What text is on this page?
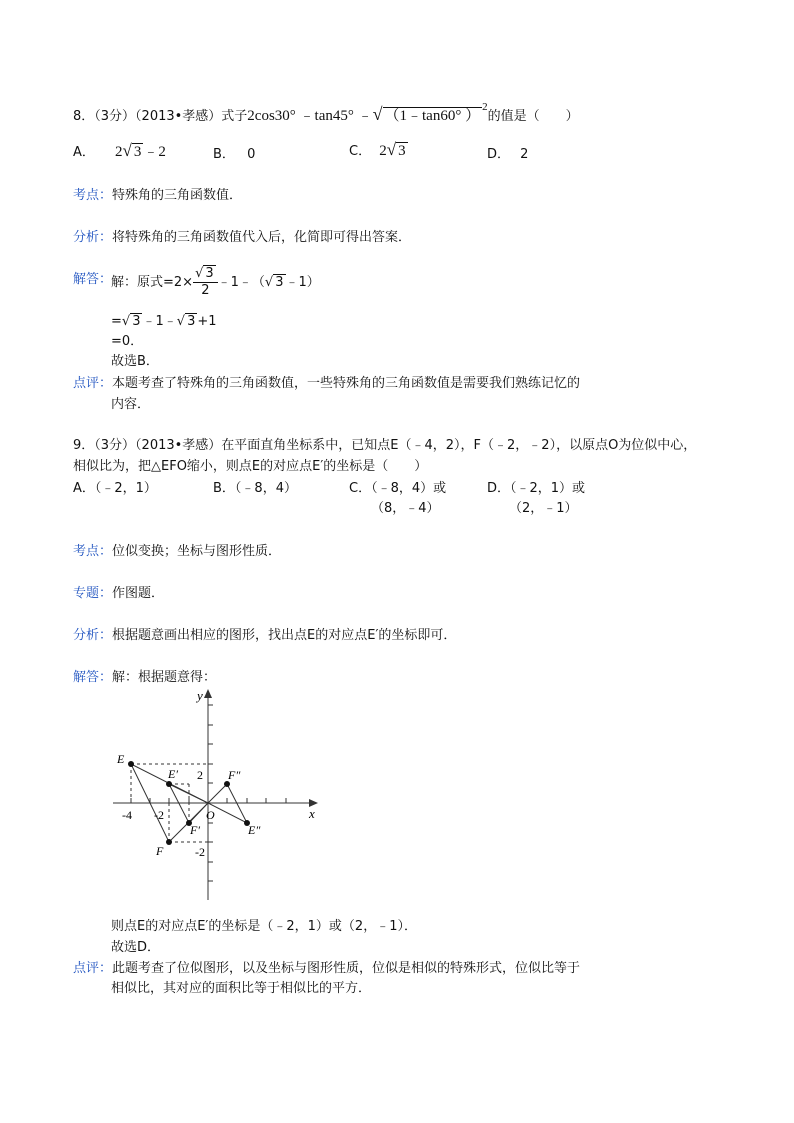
8．（3分）（2013•孝感）式子2cos30° ﹣tan45° ﹣√ （1﹣tan60° ）$^2$的值是（　　）
A． 2√ 3 ﹣2	B． 0	C． 2√ 3	D． 2
考点：特殊角的三角函数值．
分析：将特殊角的三角函数值代入后，化简即可得出答案．
解答：
解：原式$=2\times \frac{√ 3}{2}$ ﹣1﹣（√ 3 ﹣1）
=√ 3 ﹣1﹣√ 3 +1
=0．
故选B．
点评：本题考查了特殊角的三角函数值，一些特殊角的三角函数值是需要我们熟练记忆的
内容．
9．（3分）（2013•孝感）在平面直角坐标系中，已知点E（﹣4，2），F（﹣2，﹣2），以原点O为位似中心，
相似比为，把△EFO缩小，则点E的对应点E′的坐标是（　　）
A．（﹣2，1）	B．（﹣8，4）	C．（﹣8，4）或
（8，﹣4）
D．（﹣2，1）或
（2，﹣1）
考点：位似变换；坐标与图形性质．
专题：作图题．
分析：根据题意画出相应的图形，找出点E的对应点E′的坐标即可．
解答：解：根据题意得：
y
x
O
-4 -2
2
-2
E
F
E′
F′
F″
E″
则点E的对应点E′的坐标是（﹣2，1）或（2，﹣1）．
故选D．
点评：此题考查了位似图形，以及坐标与图形性质，位似是相似的特殊形式，位似比等于
相似比，其对应的面积比等于相似比的平方．
